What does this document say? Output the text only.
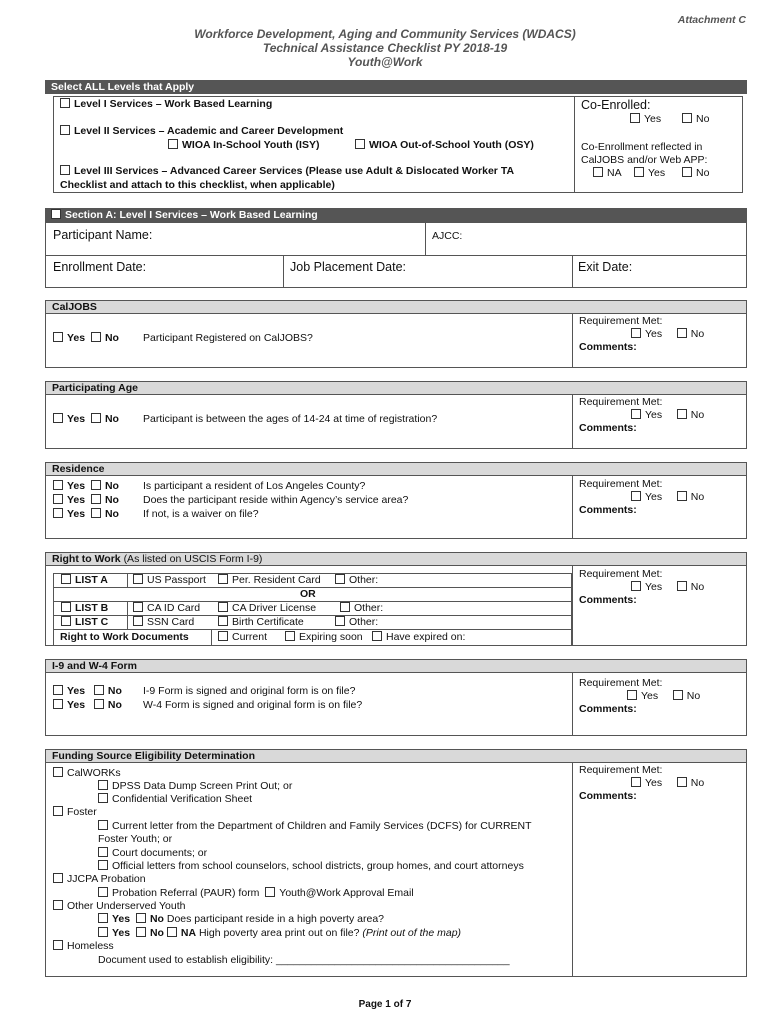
Attachment C
Workforce Development, Aging and Community Services (WDACS)
Technical Assistance Checklist PY 2018-19
Youth@Work
Select ALL Levels that Apply
Level I Services – Work Based Learning
Level II Services – Academic and Career Development
WIOA In-School Youth (ISY)	WIOA Out-of-School Youth (OSY)
Level III Services – Advanced Career Services (Please use Adult & Dislocated Worker TA
Checklist and attach to this checklist, when applicable)
Co-Enrolled:
Yes	No
Co-Enrollment reflected in
CalJOBS and/or Web APP:
NA	Yes	No
Section A: Level I Services – Work Based Learning
Participant Name:	AJCC:
Enrollment Date:	Job Placement Date:	Exit Date:
CalJOBS
Yes No Participant Registered on CalJOBS?
Requirement Met:
Yes	No
Comments:
Participating Age
Yes No Participant is between the ages of 14-24 at time of registration?
Requirement Met:
Yes	No
Comments:
Residence
Yes No Is participant a resident of Los Angeles County?
Yes No Does the participant reside within Agency’s service area?
Yes No If not, is a waiver on file?
Requirement Met:
Yes	No
Comments:
Right to Work (As listed on USCIS Form I-9)
LIST A	US Passport	Per. Resident Card	Other:
OR
LIST B	CA ID Card	CA Driver License	Other:
LIST C	SSN Card	Birth Certificate	Other:
Right to Work Documents	Current	Expiring soon	Have expired on:
Requirement Met:
Yes	No
Comments:
I-9 and W-4 Form
Yes No I-9 Form is signed and original form is on file?
Yes No W-4 Form is signed and original form is on file?
Requirement Met:
Yes	No
Comments:
Funding Source Eligibility Determination
CalWORKs
DPSS Data Dump Screen Print Out; or
Confidential Verification Sheet
Foster
Current letter from the Department of Children and Family Services (DCFS) for CURRENT
Foster Youth; or
Court documents; or
Official letters from school counselors, school districts, group homes, and court attorneys
JJCPA Probation
Probation Referral (PAUR) form Youth@Work Approval Email
Other Underserved Youth
Yes No Does participant reside in a high poverty area?
Yes No NA High poverty area print out on file? (Print out of the map)
Homeless
Document used to establish eligibility: ________________________________________
Requirement Met:
Yes	No
Comments:
Page 1 of 7
